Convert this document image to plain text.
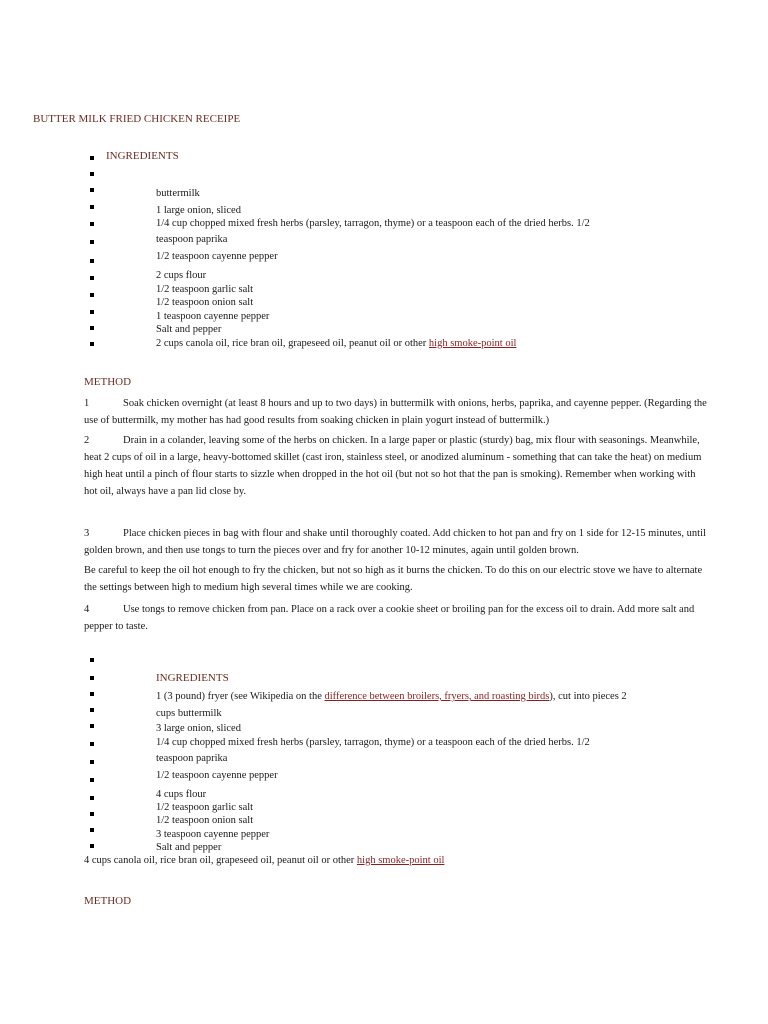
BUTTER MILK FRIED CHICKEN RECEIPE
INGREDIENTS
buttermilk
1 large onion, sliced
1/4 cup chopped mixed fresh herbs (parsley, tarragon, thyme) or a teaspoon each of the dried herbs. 1/2
teaspoon paprika
1/2 teaspoon cayenne pepper
2 cups flour
1/2 teaspoon garlic salt
1/2 teaspoon onion salt
1 teaspoon cayenne pepper
Salt and pepper
2 cups canola oil, rice bran oil, grapeseed oil, peanut oil or other high smoke-point oil
METHOD
1	Soak chicken overnight (at least 8 hours and up to two days) in buttermilk with onions, herbs, paprika, and cayenne pepper. (Regarding the use of buttermilk, my mother has had good results from soaking chicken in plain yogurt instead of buttermilk.)
2	Drain in a colander, leaving some of the herbs on chicken. In a large paper or plastic (sturdy) bag, mix flour with seasonings. Meanwhile, heat 2 cups of oil in a large, heavy-bottomed skillet (cast iron, stainless steel, or anodized aluminum - something that can take the heat) on medium high heat until a pinch of flour starts to sizzle when dropped in the hot oil (but not so hot that the pan is smoking). Remember when working with hot oil, always have a pan lid close by.
3	Place chicken pieces in bag with flour and shake until thoroughly coated. Add chicken to hot pan and fry on 1 side for 12-15 minutes, until golden brown, and then use tongs to turn the pieces over and fry for another 10-12 minutes, again until golden brown.
Be careful to keep the oil hot enough to fry the chicken, but not so high as it burns the chicken. To do this on our electric stove we have to alternate the settings between high to medium high several times while we are cooking.
4	Use tongs to remove chicken from pan. Place on a rack over a cookie sheet or broiling pan for the excess oil to drain. Add more salt and pepper to taste.
INGREDIENTS
1 (3 pound) fryer (see Wikipedia on the difference between broilers, fryers, and roasting birds), cut into pieces 2
cups buttermilk
3 large onion, sliced
1/4 cup chopped mixed fresh herbs (parsley, tarragon, thyme) or a teaspoon each of the dried herbs. 1/2
teaspoon paprika
1/2 teaspoon cayenne pepper
4 cups flour
1/2 teaspoon garlic salt
1/2 teaspoon onion salt
3 teaspoon cayenne pepper
Salt and pepper
4 cups canola oil, rice bran oil, grapeseed oil, peanut oil or other high smoke-point oil
METHOD
